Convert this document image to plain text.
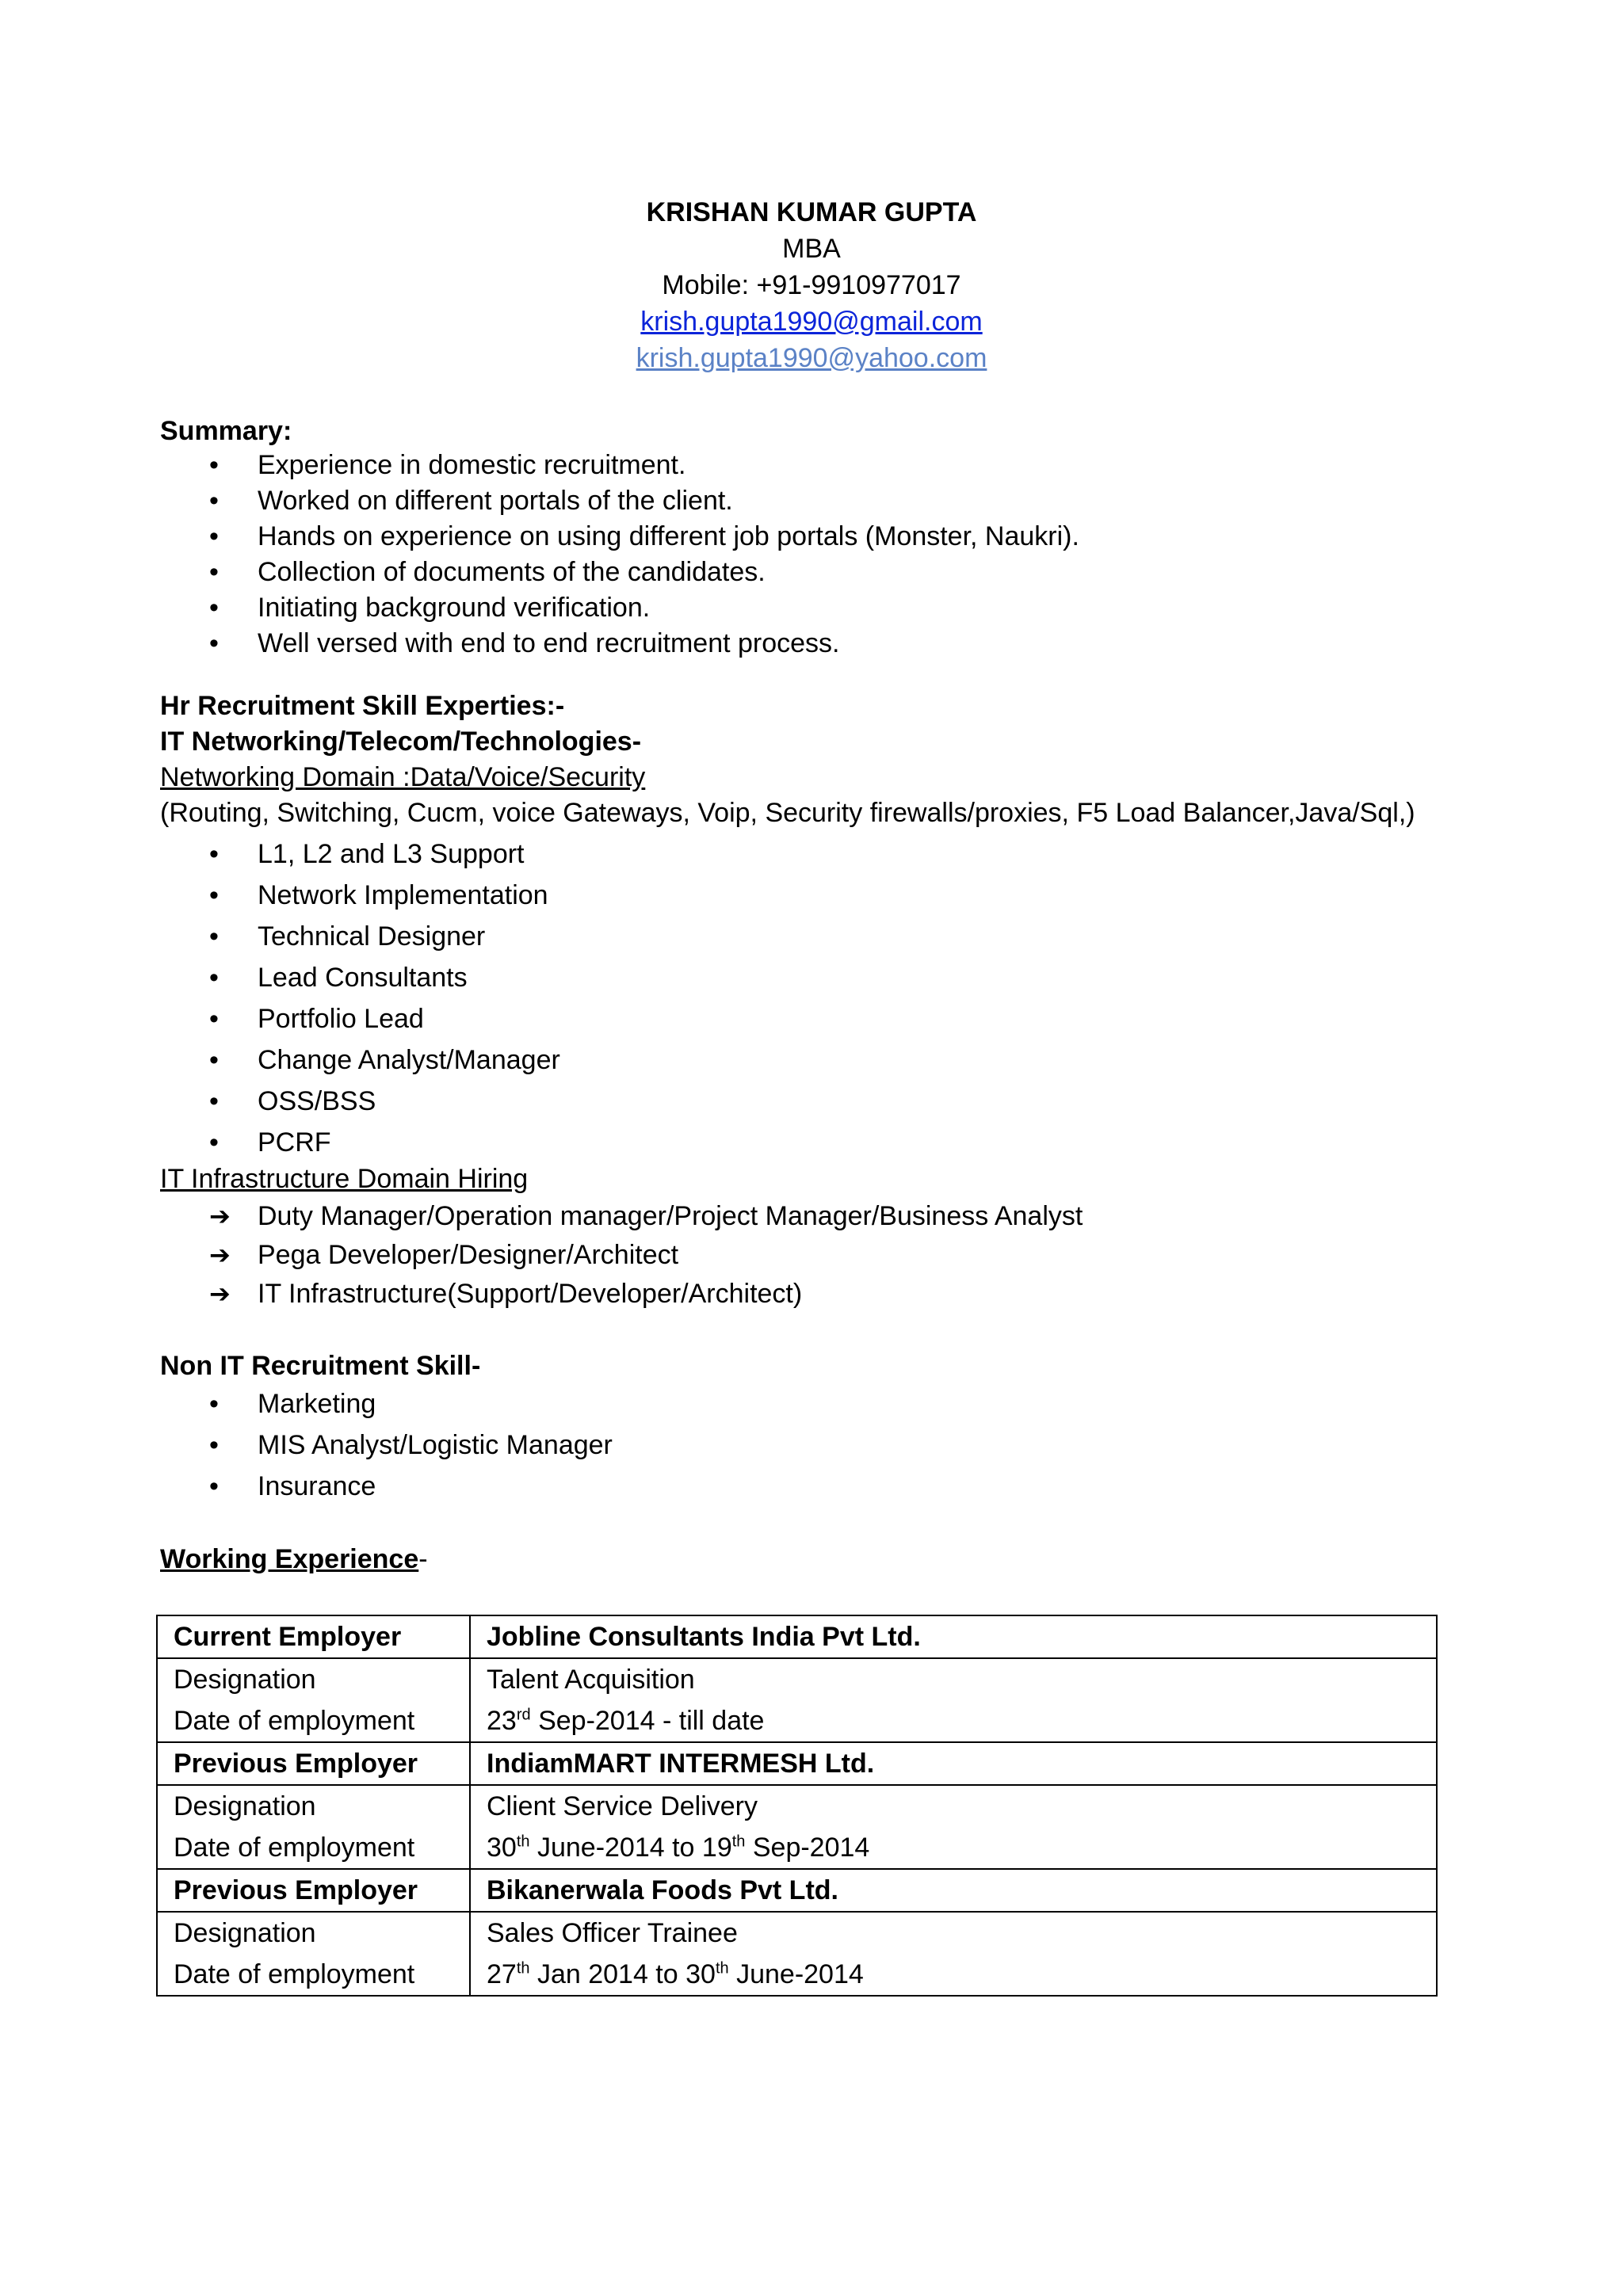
KRISHAN KUMAR GUPTA
MBA
Mobile: +91-9910977017
krish.gupta1990@gmail.com
krish.gupta1990@yahoo.com
Summary:
• Experience in domestic recruitment.
• Worked on different portals of the client.
• Hands on experience on using different job portals (Monster, Naukri).
• Collection of documents of the candidates.
• Initiating background verification.
• Well versed with end to end recruitment process.
Hr Recruitment Skill Experties:-
IT Networking/Telecom/Technologies-
Networking Domain :Data/Voice/Security
(Routing, Switching, Cucm, voice Gateways, Voip, Security firewalls/proxies, F5 Load Balancer,Java/Sql,)
• L1, L2 and L3 Support
• Network Implementation
• Technical Designer
• Lead Consultants
• Portfolio Lead
• Change Analyst/Manager
• OSS/BSS
• PCRF
IT Infrastructure Domain Hiring
➔ Duty Manager/Operation manager/Project Manager/Business Analyst
➔ Pega Developer/Designer/Architect
➔ IT Infrastructure(Support/Developer/Architect)
Non IT Recruitment Skill-
• Marketing
• MIS Analyst/Logistic Manager
• Insurance
Working Experience-
Current Employer	Jobline Consultants India Pvt Ltd.
Designation	Talent Acquisition
Date of employment	23rd Sep-2014 - till date
Previous Employer	IndiamMART INTERMESH Ltd.
Designation	Client Service Delivery
Date of employment	30th June-2014 to 19th Sep-2014
Previous Employer	Bikanerwala Foods Pvt Ltd.
Designation	Sales Officer Trainee
Date of employment	27th Jan 2014 to 30th June-2014
